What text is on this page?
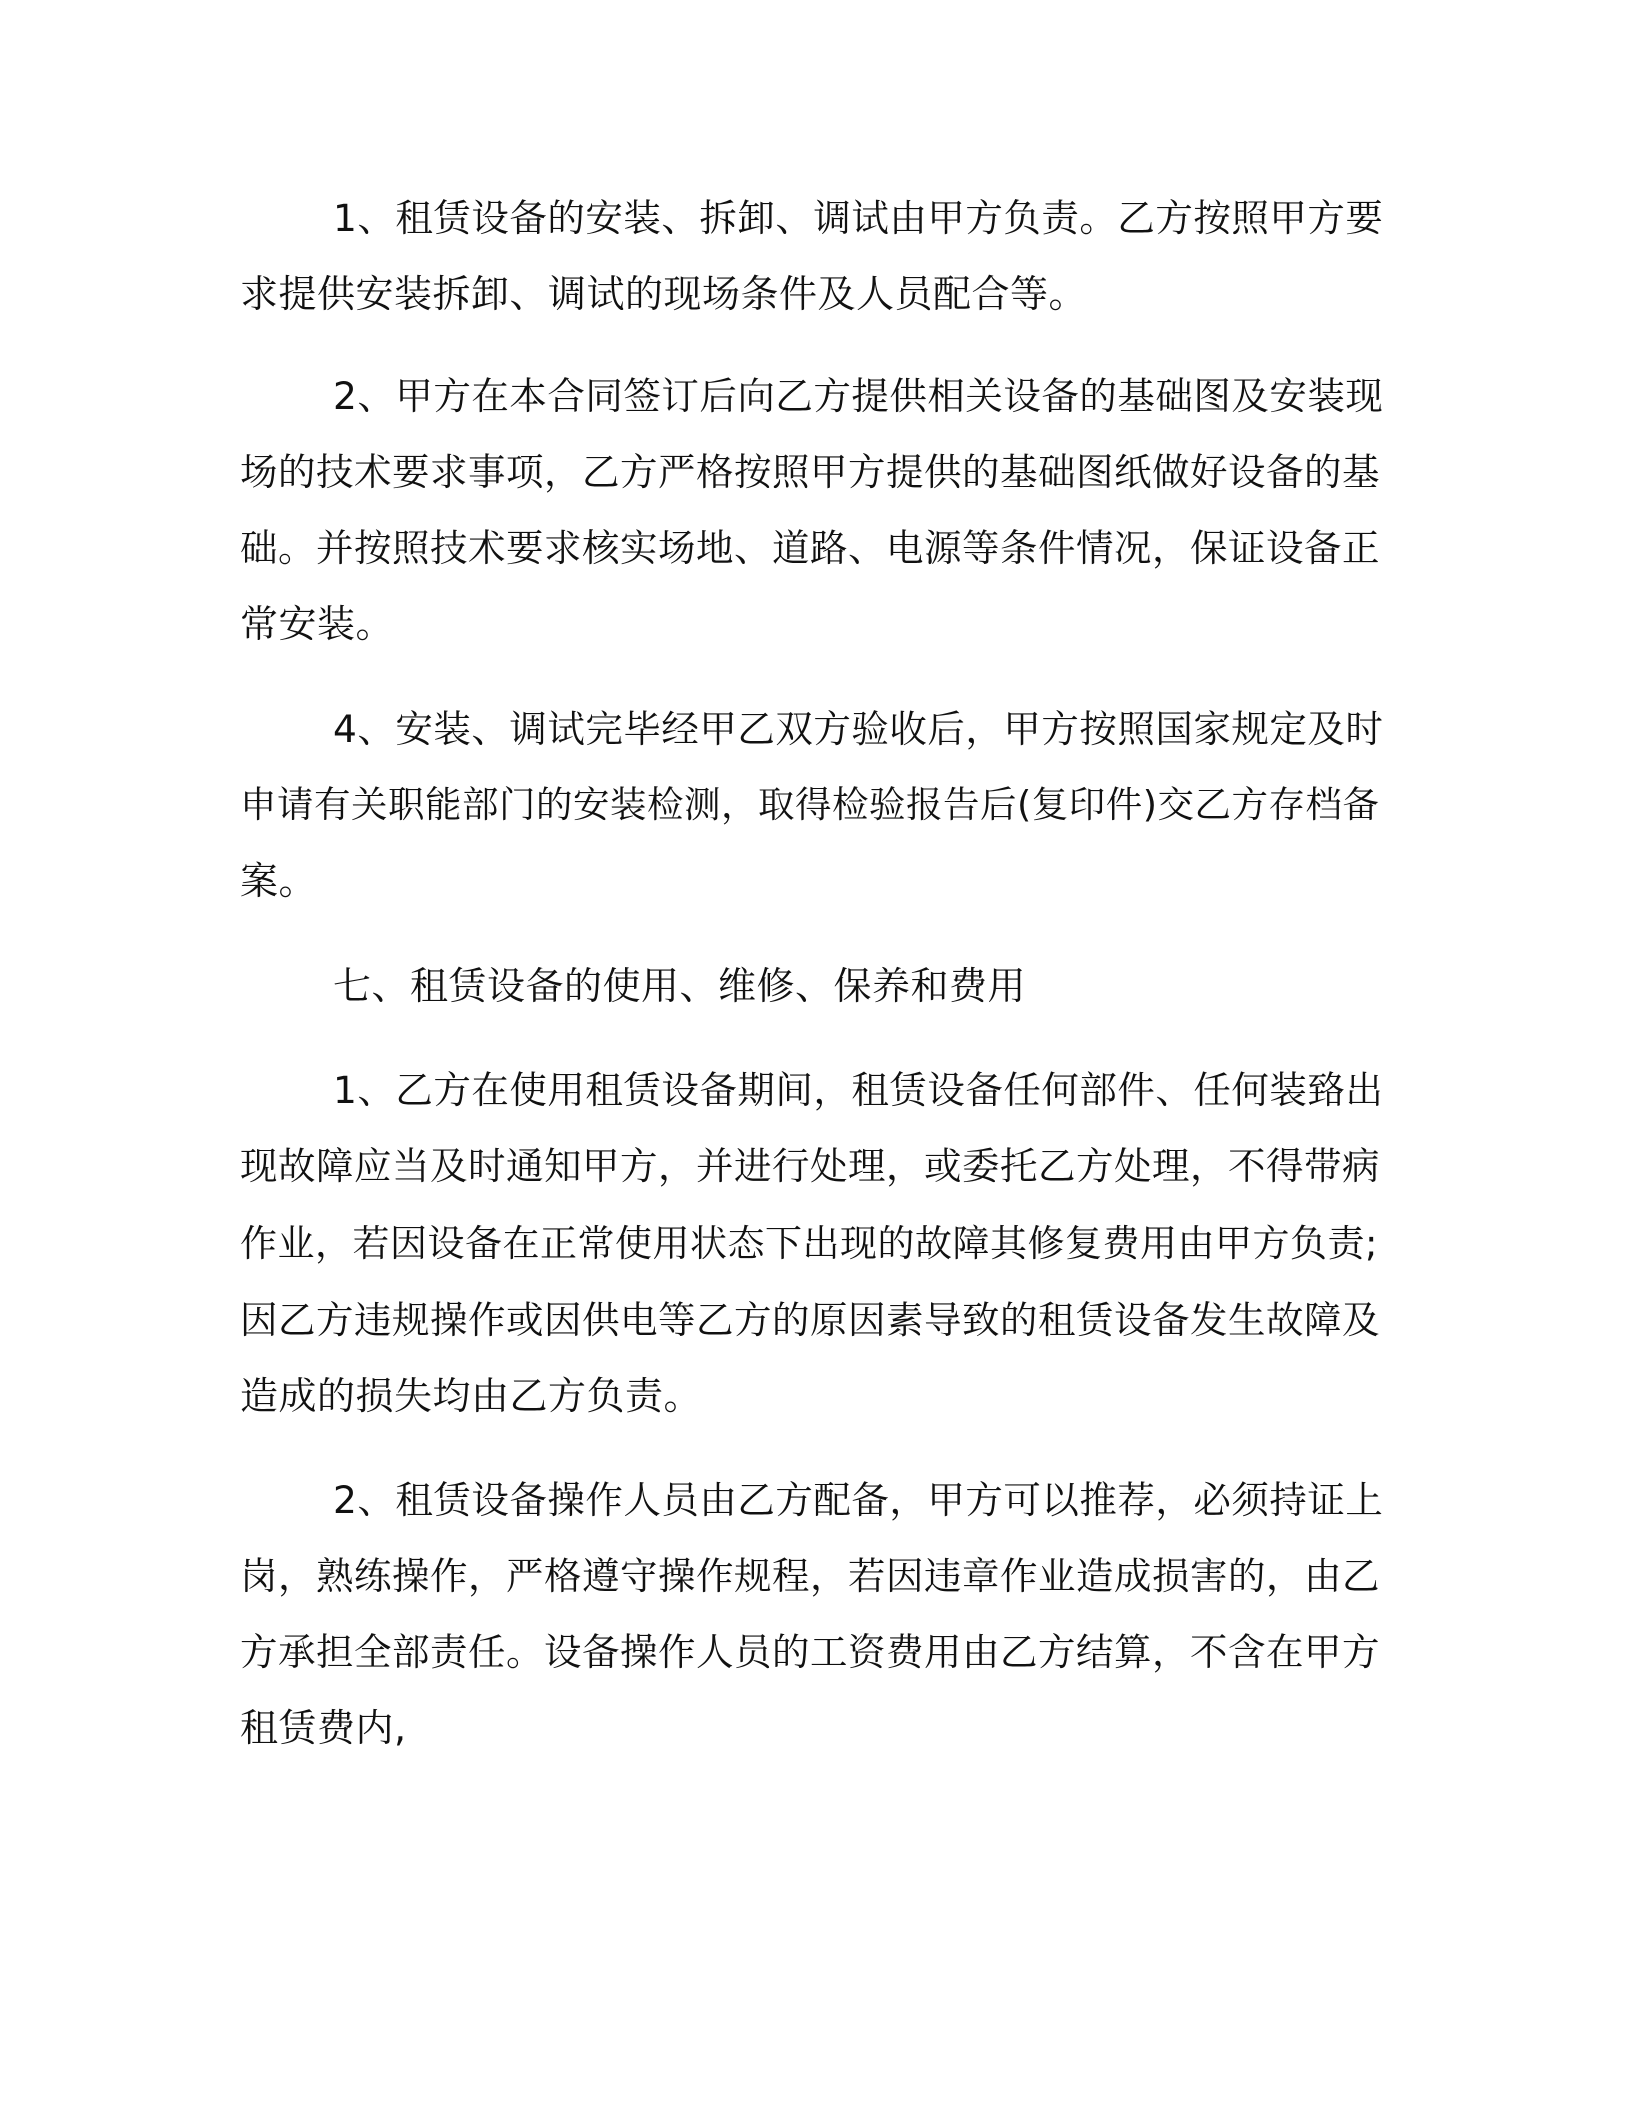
1、租赁设备的安装、拆卸、调试由甲方负责。乙方按照甲方要
求提供安装拆卸、调试的现场条件及人员配合等。
2、甲方在本合同签订后向乙方提供相关设备的基础图及安装现
场的技术要求事项，乙方严格按照甲方提供的基础图纸做好设备的基
础。并按照技术要求核实场地、道路、电源等条件情况，保证设备正
常安装。
4、安装、调试完毕经甲乙双方验收后，甲方按照国家规定及时
申请有关职能部门的安装检测，取得检验报告后(复印件)交乙方存档备
案。
七、租赁设备的使用、维修、保养和费用
1、乙方在使用租赁设备期间，租赁设备任何部件、任何装臵出
现故障应当及时通知甲方，并进行处理，或委托乙方处理，不得带病
作业，若因设备在正常使用状态下出现的故障其修复费用由甲方负责;
因乙方违规操作或因供电等乙方的原因素导致的租赁设备发生故障及
造成的损失均由乙方负责。
2、租赁设备操作人员由乙方配备，甲方可以推荐，必须持证上
岗，熟练操作，严格遵守操作规程，若因违章作业造成损害的，由乙
方承担全部责任。设备操作人员的工资费用由乙方结算，不含在甲方
租赁费内,
